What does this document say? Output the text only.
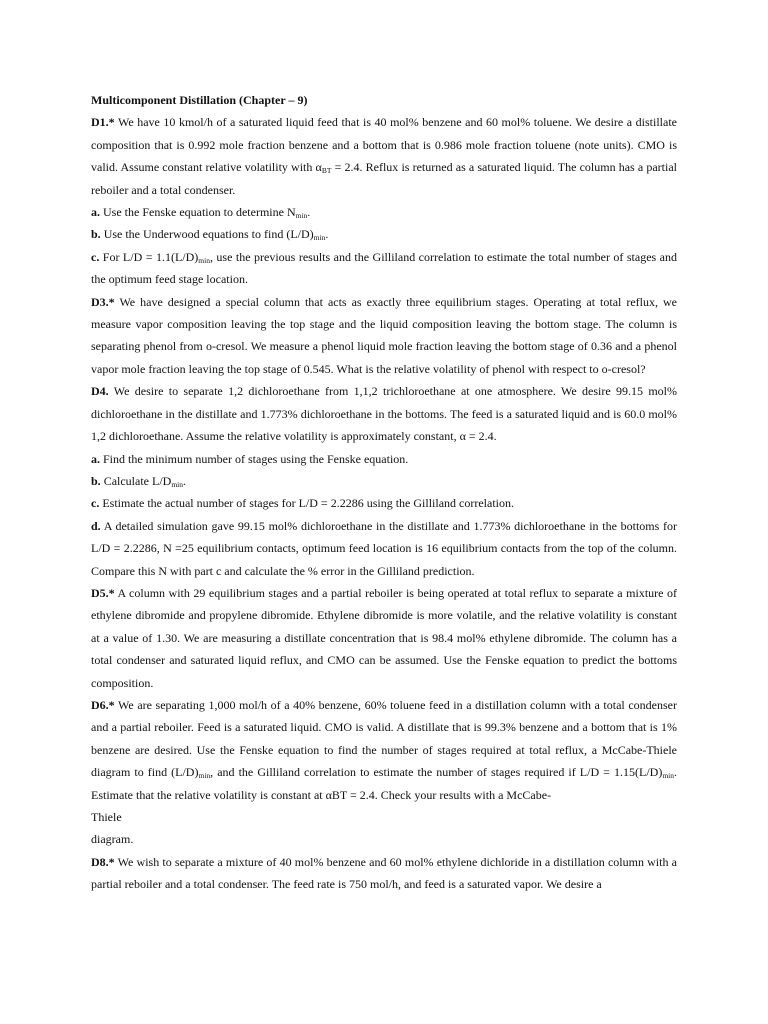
Multicomponent Distillation (Chapter – 9)

D1.* We have 10 kmol/h of a saturated liquid feed that is 40 mol% benzene and 60 mol% toluene. We desire a distillate composition that is 0.992 mole fraction benzene and a bottom that is 0.986 mole fraction toluene (note units). CMO is valid. Assume constant relative volatility with $\alpha_{BT} = 2.4$. Reflux is returned as a saturated liquid. The column has a partial reboiler and a total condenser.

a. Use the Fenske equation to determine $N_{min}$.

b. Use the Underwood equations to find $(L/D)_{min}$.

c. For $L/D = 1.1(L/D)_{min}$, use the previous results and the Gilliland correlation to estimate the total number of stages and the optimum feed stage location.

D3.* We have designed a special column that acts as exactly three equilibrium stages. Operating at total reflux, we measure vapor composition leaving the top stage and the liquid composition leaving the bottom stage. The column is separating phenol from o-cresol. We measure a phenol liquid mole fraction leaving the bottom stage of 0.36 and a phenol vapor mole fraction leaving the top stage of 0.545. What is the relative volatility of phenol with respect to o-cresol?

D4. We desire to separate 1,2 dichloroethane from 1,1,2 trichloroethane at one atmosphere. We desire 99.15 mol% dichloroethane in the distillate and 1.773% dichloroethane in the bottoms. The feed is a saturated liquid and is 60.0 mol% 1,2 dichloroethane. Assume the relative volatility is approximately constant, α = 2.4.

a. Find the minimum number of stages using the Fenske equation.

b. Calculate $L/D_{min}$.

c. Estimate the actual number of stages for L/D = 2.2286 using the Gilliland correlation.

d. A detailed simulation gave 99.15 mol% dichloroethane in the distillate and 1.773% dichloroethane in the bottoms for L/D = 2.2286, N =25 equilibrium contacts, optimum feed location is 16 equilibrium contacts from the top of the column. Compare this N with part c and calculate the % error in the Gilliland prediction.

D5.* A column with 29 equilibrium stages and a partial reboiler is being operated at total reflux to separate a mixture of ethylene dibromide and propylene dibromide. Ethylene dibromide is more volatile, and the relative volatility is constant at a value of 1.30. We are measuring a distillate concentration that is 98.4 mol% ethylene dibromide. The column has a total condenser and saturated liquid reflux, and CMO can be assumed. Use the Fenske equation to predict the bottoms composition.

D6.* We are separating 1,000 mol/h of a 40% benzene, 60% toluene feed in a distillation column with a total condenser and a partial reboiler. Feed is a saturated liquid. CMO is valid. A distillate that is 99.3% benzene and a bottom that is 1% benzene are desired. Use the Fenske equation to find the number of stages required at total reflux, a McCabe-Thiele diagram to find $(L/D)_{min}$, and the Gilliland correlation to estimate the number of stages required if $L/D = 1.15(L/D)_{min}$. Estimate that the relative volatility is constant at αBT = 2.4. Check your results with a McCabe-

Thiele

diagram.

D8.* We wish to separate a mixture of 40 mol% benzene and 60 mol% ethylene dichloride in a distillation column with a partial reboiler and a total condenser. The feed rate is 750 mol/h, and feed is a saturated vapor. We desire a
